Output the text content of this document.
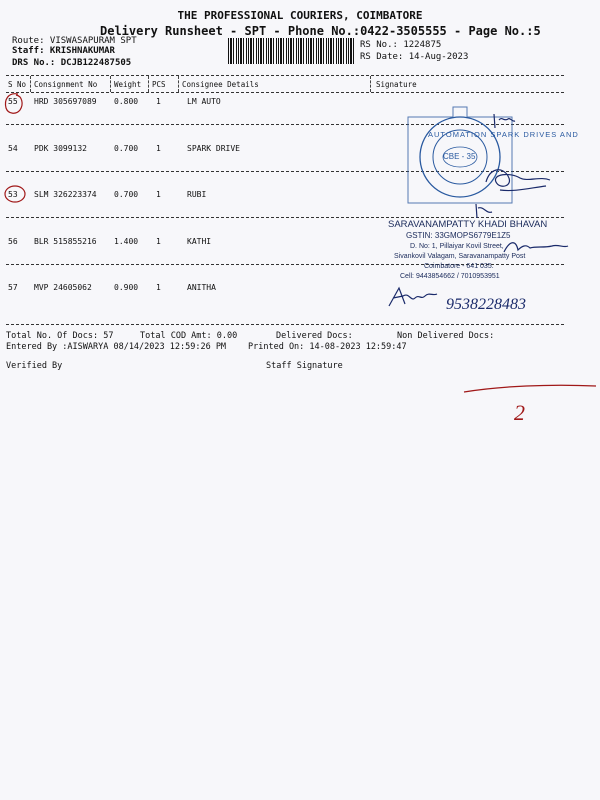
THE PROFESSIONAL COURIERS, COIMBATORE
Delivery Runsheet - SPT - Phone No.:0422-3505555 - Page No.:5
Route: VISWASAPURAM SPT
Staff: KRISHNAKUMAR
DRS No.: DCJB122487505
RS No.: 1224875
RS Date: 14-Aug-2023
S No Consignment No Weight PCS Consignee Details	Signature
55 HRD 305697089 0.800 1	LM AUTO
54 PDK 3099132	0.700 1	SPARK DRIVE
53 SLM 326223374 0.700 1	RUBI
56 BLR 515855216 1.400 1	KATHI
57 MVP 24605062	0.900 1	ANITHA
AUTOMATION SPARK DRIVES AND
CBE - 35
SARAVANAMPATTY KHADI BHAVAN
GSTIN: 33GMOPS6779E1Z5
D. No: 1, Pillaiyar Kovil Street,
Sivankovil Valagam, Saravanampatty Post
Coimbatore - 641 035.
Cell: 9443854662 / 7010953951
9538228483
Total No. Of Docs: 57	Total COD Amt: 0.00	Delivered Docs:	Non Delivered Docs:
Entered By :AISWARYA 08/14/2023 12:59:26 PM	Printed On: 14-08-2023 12:59:47
Verified By	Staff Signature
2
